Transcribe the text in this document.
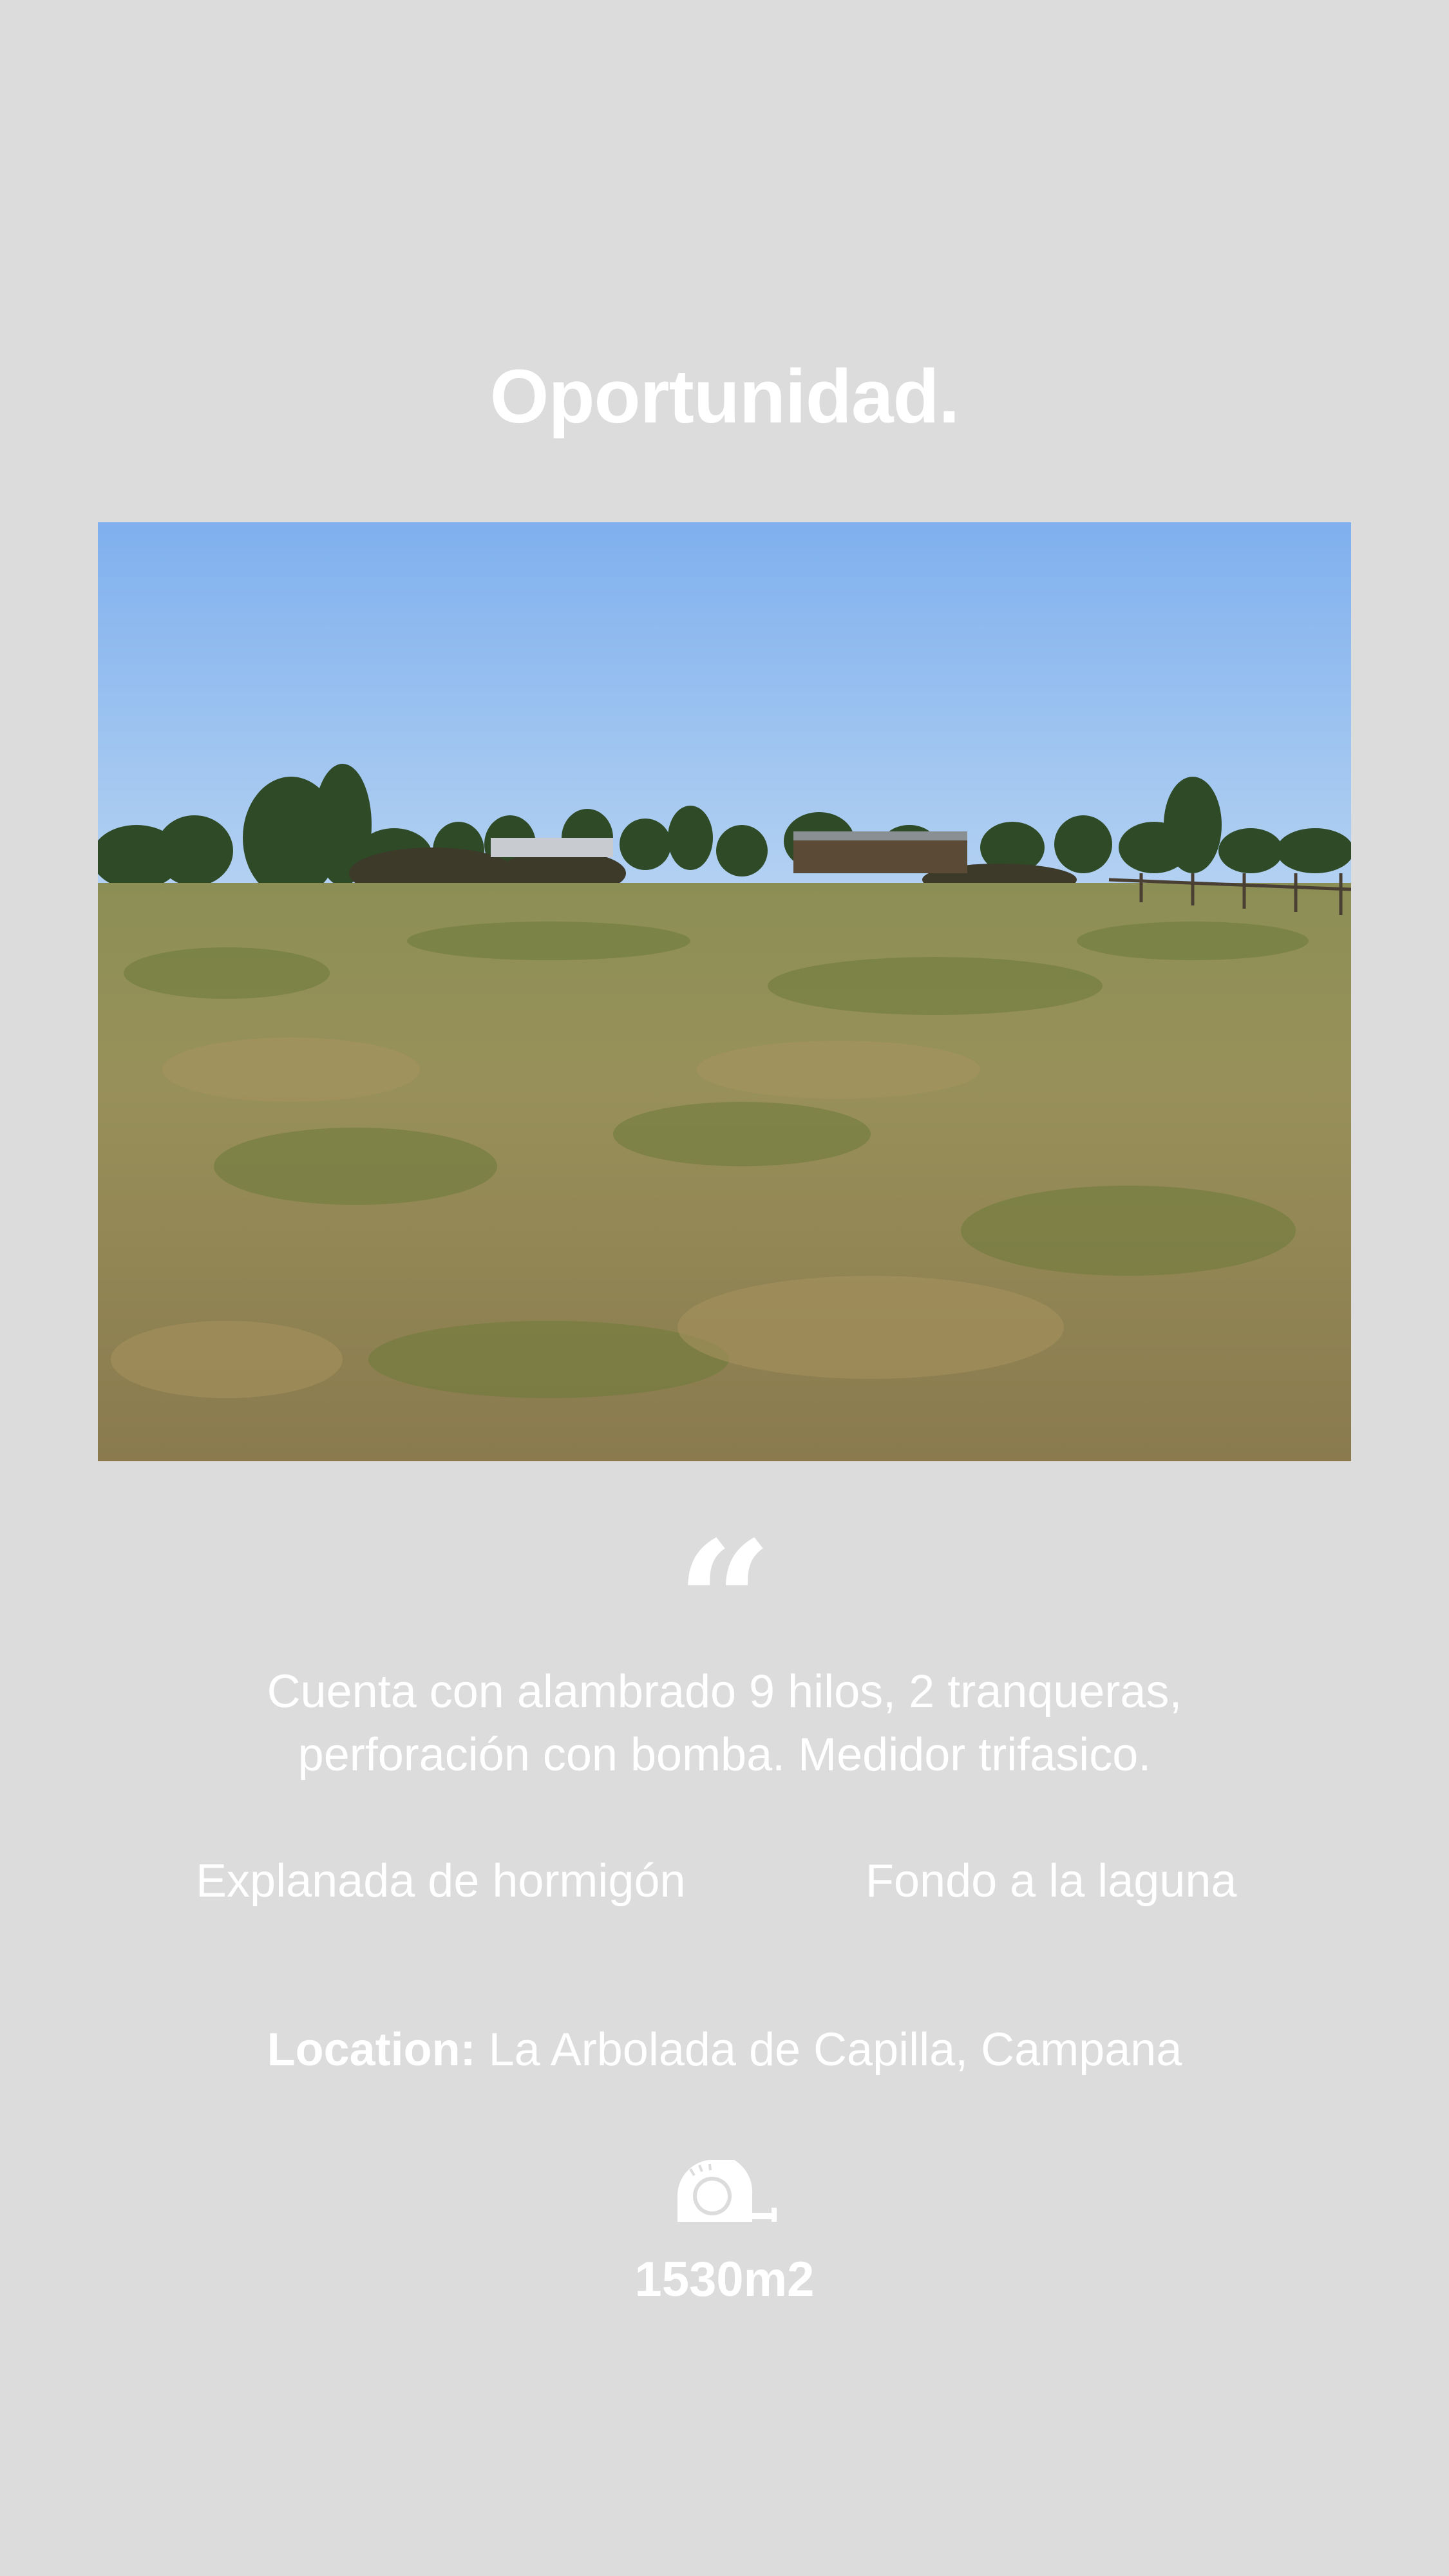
Oportunidad.
“
Cuenta con alambrado 9 hilos, 2 tranqueras,
perforación con bomba. Medidor trifasico.
Explanada de hormigón	Fondo a la laguna
Location: La Arbolada de Capilla, Campana
1530m2
